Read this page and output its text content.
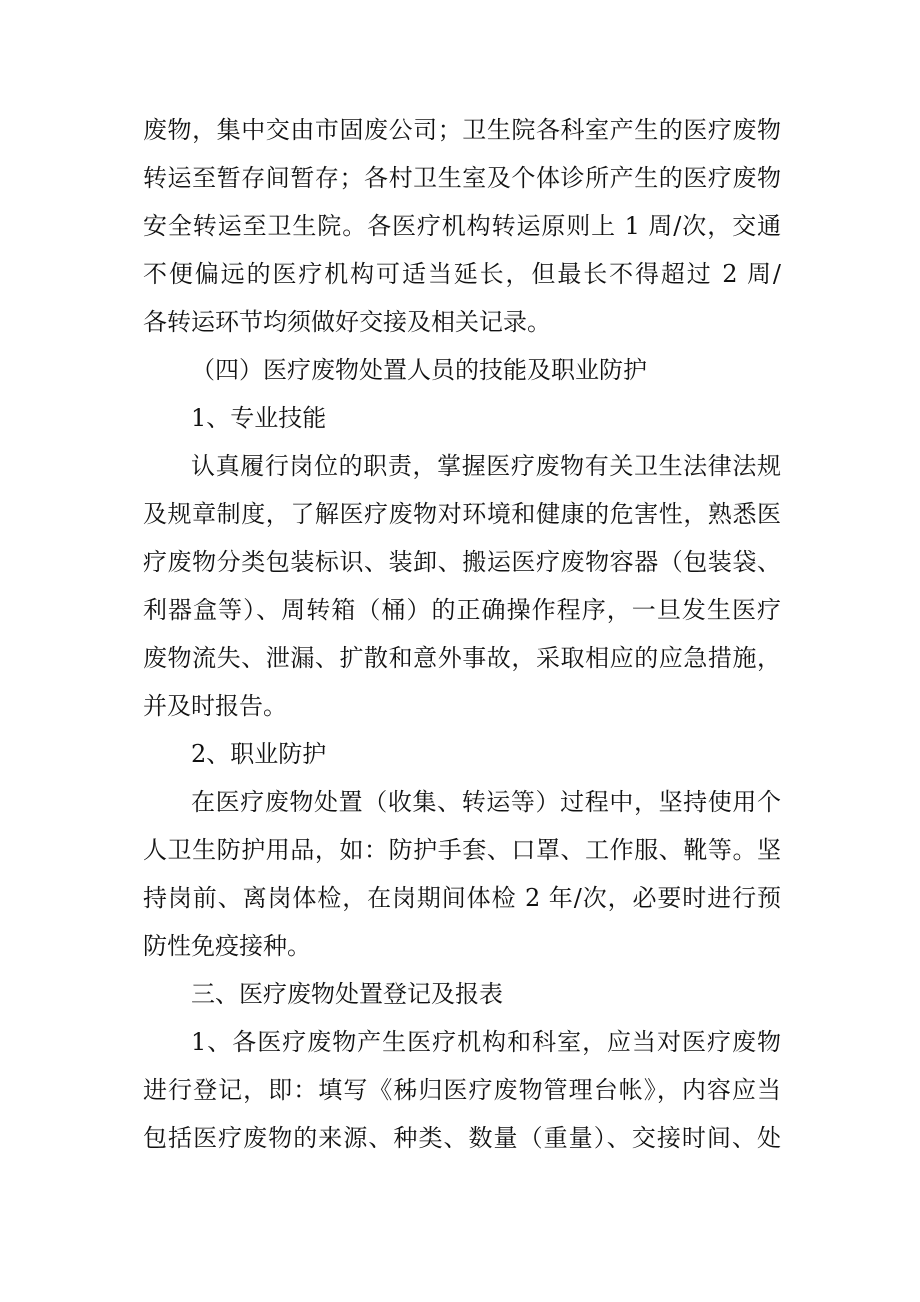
废物，集中交由市固废公司；卫生院各科室产生的医疗废物
转运至暂存间暂存；各村卫生室及个体诊所产生的医疗废物
安全转运至卫生院。各医疗机构转运原则上 1 周/次，交通
不便偏远的医疗机构可适当延长，但最长不得超过 2 周/
各转运环节均须做好交接及相关记录。
（四）医疗废物处置人员的技能及职业防护
1、专业技能
认真履行岗位的职责，掌握医疗废物有关卫生法律法规
及规章制度，了解医疗废物对环境和健康的危害性，熟悉医
疗废物分类包装标识、装卸、搬运医疗废物容器（包装袋、
利器盒等）、周转箱（桶）的正确操作程序，一旦发生医疗
废物流失、泄漏、扩散和意外事故，采取相应的应急措施，
并及时报告。
2、职业防护
在医疗废物处置（收集、转运等）过程中，坚持使用个
人卫生防护用品，如：防护手套、口罩、工作服、靴等。坚
持岗前、离岗体检，在岗期间体检 2 年/次，必要时进行预
防性免疫接种。
三、医疗废物处置登记及报表
1、各医疗废物产生医疗机构和科室，应当对医疗废物
进行登记，即：填写《秭归医疗废物管理台帐》，内容应当
包括医疗废物的来源、种类、数量（重量）、交接时间、处
